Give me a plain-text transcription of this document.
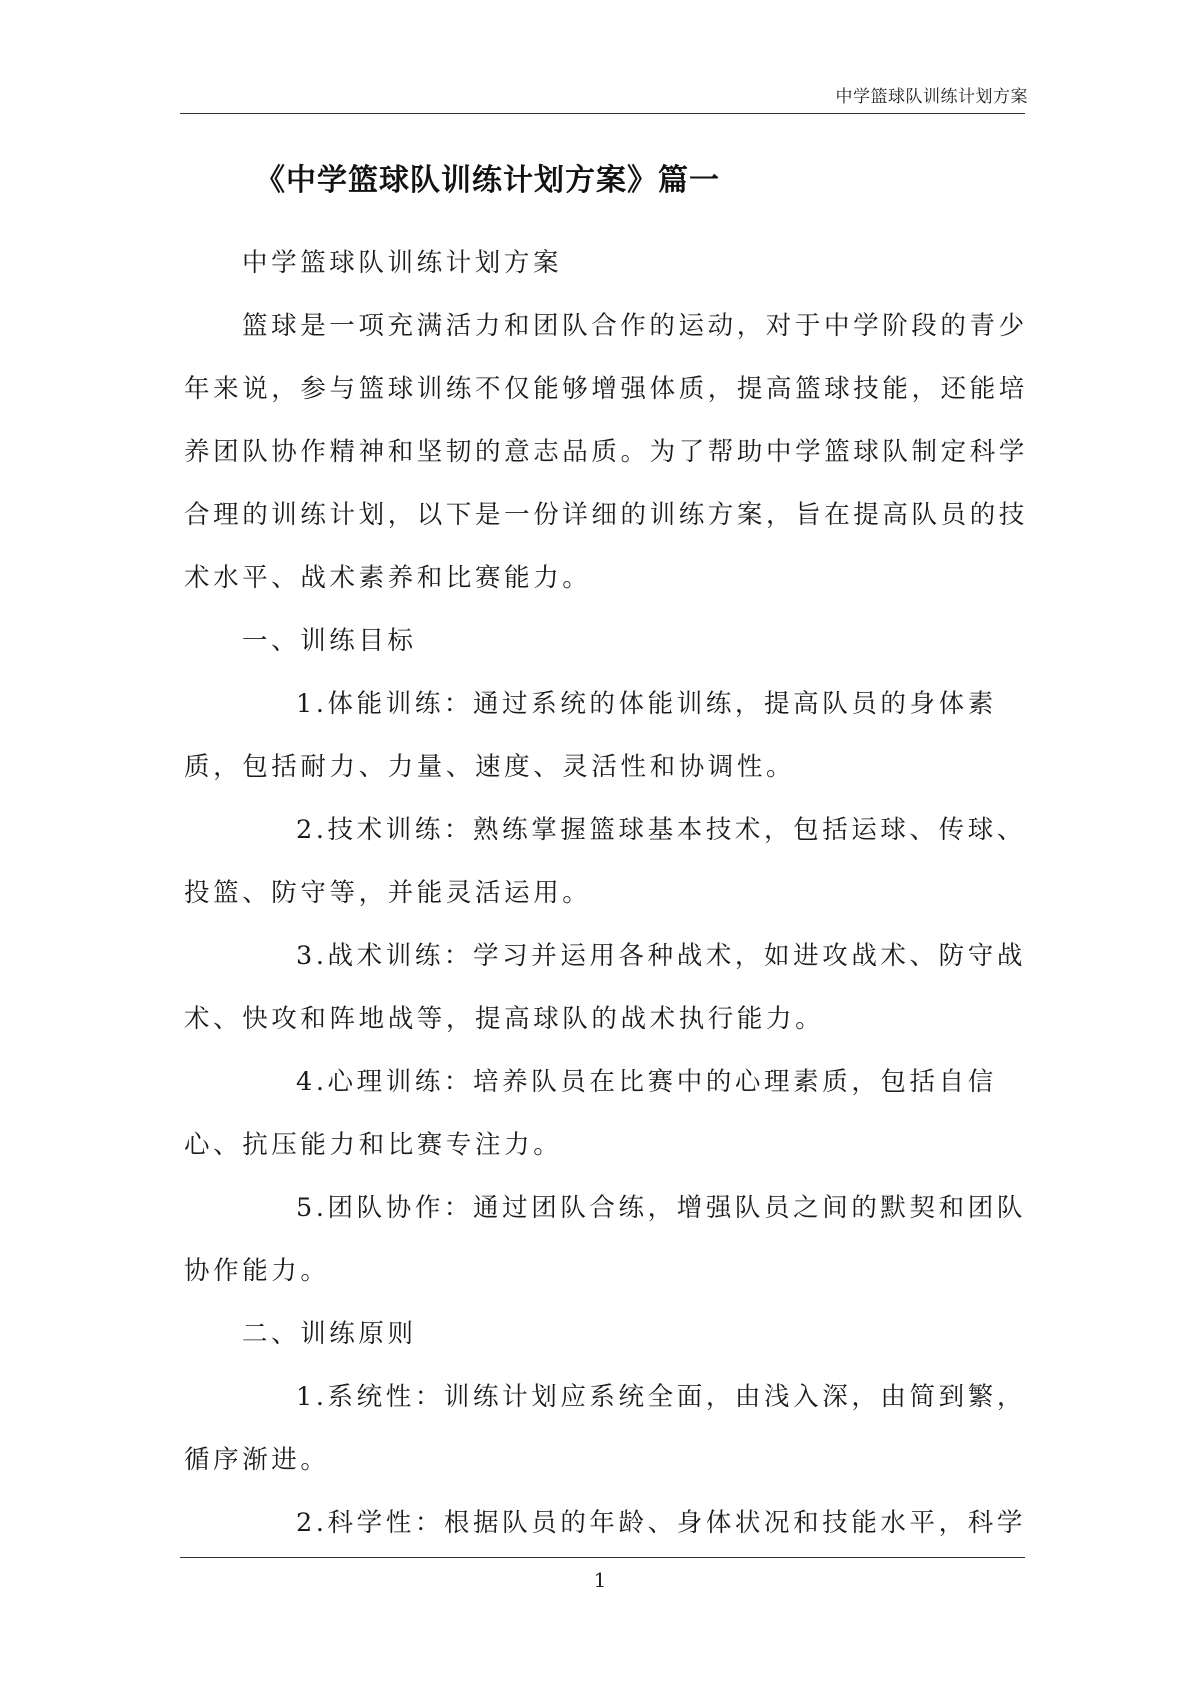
中学篮球队训练计划方案
《中学篮球队训练计划方案》篇一

中学篮球队训练计划方案

篮球是一项充满活力和团队合作的运动，对于中学阶段的青少年来说，参与篮球训练不仅能够增强体质，提高篮球技能，还能培养团队协作精神和坚韧的意志品质。为了帮助中学篮球队制定科学合理的训练计划，以下是一份详细的训练方案，旨在提高队员的技术水平、战术素养和比赛能力。

一、训练目标

1.体能训练：通过系统的体能训练，提高队员的身体素质，包括耐力、力量、速度、灵活性和协调性。

2.技术训练：熟练掌握篮球基本技术，包括运球、传球、投篮、防守等，并能灵活运用。

3.战术训练：学习并运用各种战术，如进攻战术、防守战术、快攻和阵地战等，提高球队的战术执行能力。

4.心理训练：培养队员在比赛中的心理素质，包括自信心、抗压能力和比赛专注力。

5.团队协作：通过团队合练，增强队员之间的默契和团队协作能力。

二、训练原则

1.系统性：训练计划应系统全面，由浅入深，由简到繁，循序渐进。

2.科学性：根据队员的年龄、身体状况和技能水平，科学

1
